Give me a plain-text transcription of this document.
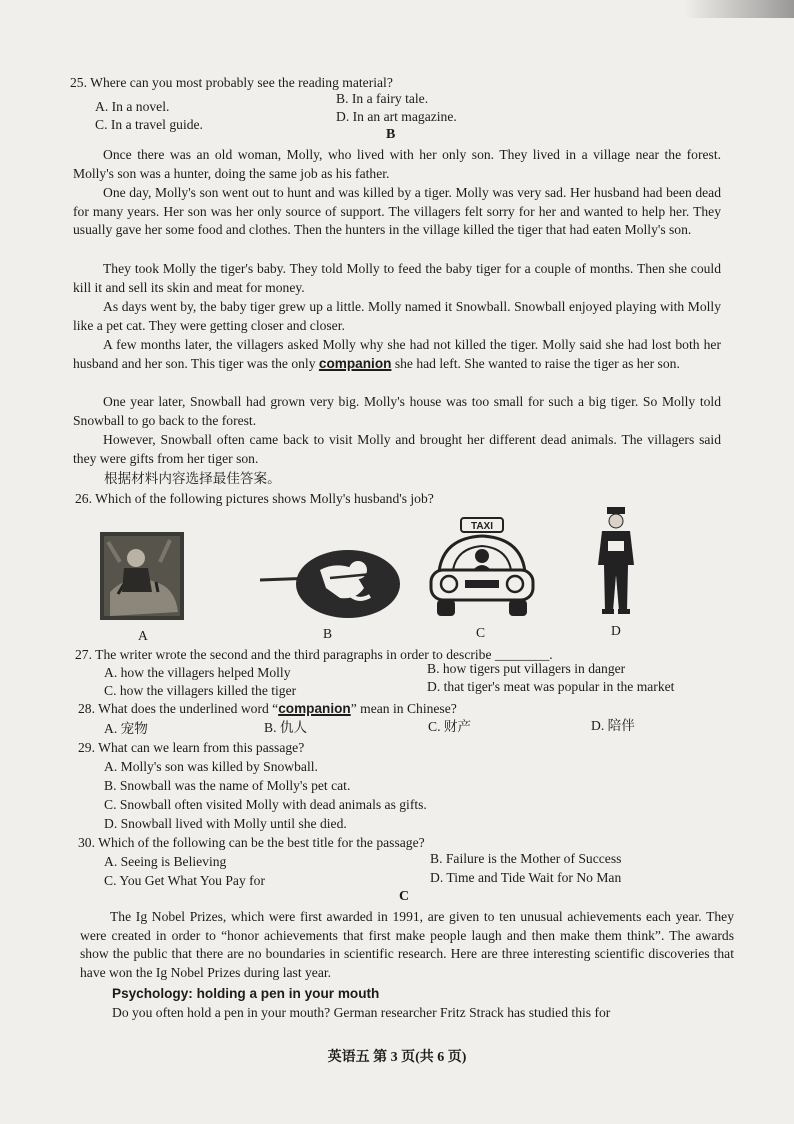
25. Where can you most probably see the reading material?
A. In a novel.
B. In a fairy tale.
C. In a travel guide.
D. In an art magazine.
B
Once there was an old woman, Molly, who lived with her only son. They lived in a village near the forest. Molly's son was a hunter, doing the same job as his father.
One day, Molly's son went out to hunt and was killed by a tiger. Molly was very sad. Her husband had been dead for many years. Her son was her only source of support. The villagers felt sorry for her and wanted to help her. They usually gave her some food and clothes. Then the hunters in the village killed the tiger that had eaten Molly's son.
They took Molly the tiger's baby. They told Molly to feed the baby tiger for a couple of months. Then she could kill it and sell its skin and meat for money.
As days went by, the baby tiger grew up a little. Molly named it Snowball. Snowball enjoyed playing with Molly like a pet cat. They were getting closer and closer.
A few months later, the villagers asked Molly why she had not killed the tiger. Molly said she had lost both her husband and her son. This tiger was the only companion she had left. She wanted to raise the tiger as her son.
One year later, Snowball had grown very big. Molly's house was too small for such a big tiger. So Molly told Snowball to go back to the forest.
However, Snowball often came back to visit Molly and brought her different dead animals. The villagers said they were gifts from her tiger son.
根据材料内容选择最佳答案。
26. Which of the following pictures shows Molly's husband's job?
A	B
TAXI
C	D
27. The writer wrote the second and the third paragraphs in order to describe ________.
A. how the villagers helped Molly	B. how tigers put villagers in danger
C. how the villagers killed the tiger	D. that tiger's meat was popular in the market
28. What does the underlined word “companion” mean in Chinese?
A. 宠物	B. 仇人	C. 财产	D. 陪伴
29. What can we learn from this passage?
A. Molly's son was killed by Snowball.
B. Snowball was the name of Molly's pet cat.
C. Snowball often visited Molly with dead animals as gifts.
D. Snowball lived with Molly until she died.
30. Which of the following can be the best title for the passage?
A. Seeing is Believing	B. Failure is the Mother of Success
C. You Get What You Pay for	D. Time and Tide Wait for No Man
C
The Ig Nobel Prizes, which were first awarded in 1991, are given to ten unusual achievements each year. They were created in order to “honor achievements that first make people laugh and then make them think”. The awards show the public that there are no boundaries in scientific research. Here are three interesting scientific discoveries that have won the Ig Nobel Prizes during last year.
Psychology: holding a pen in your mouth
Do you often hold a pen in your mouth? German researcher Fritz Strack has studied this for
英语五 第 3 页(共 6 页)
